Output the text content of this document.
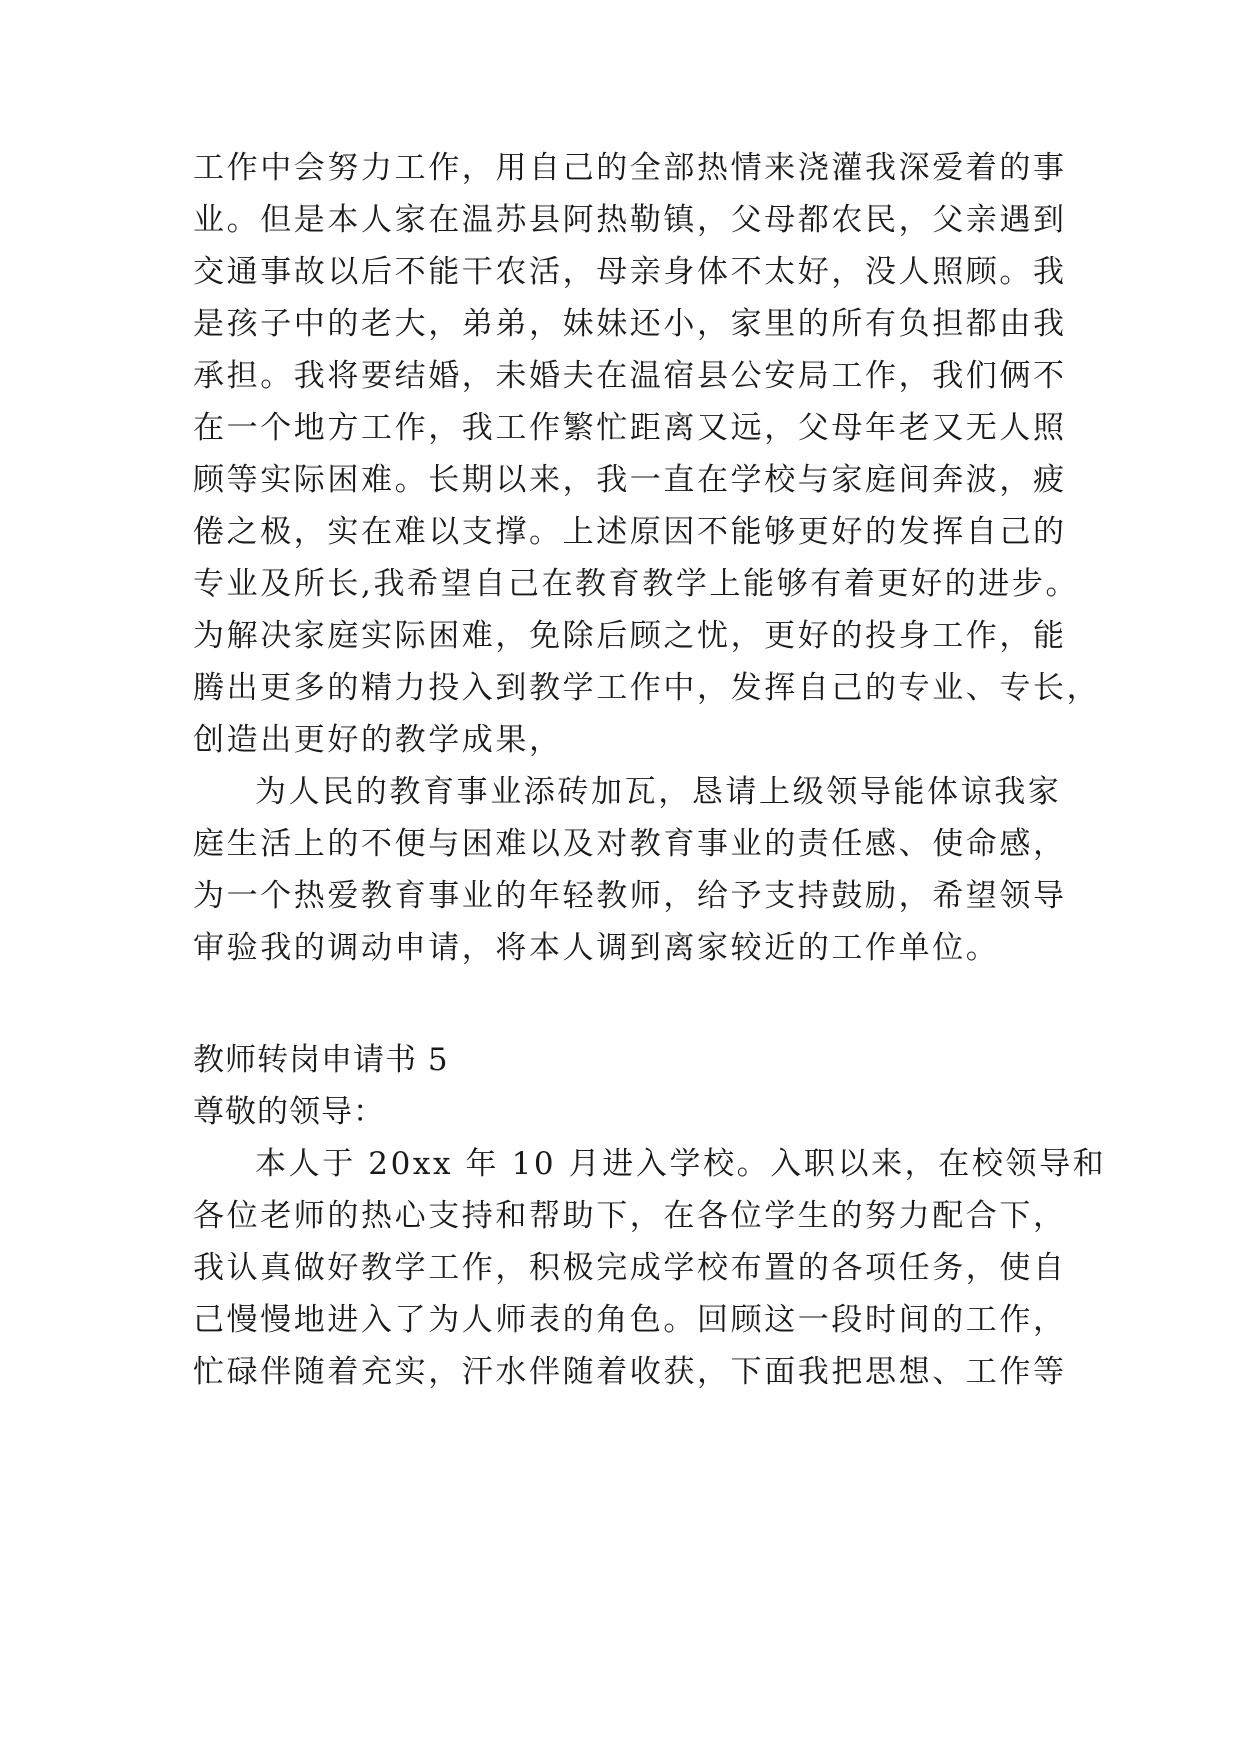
工作中会努力工作，用自己的全部热情来浇灌我深爱着的事
业。但是本人家在温苏县阿热勒镇，父母都农民，父亲遇到
交通事故以后不能干农活，母亲身体不太好，没人照顾。我
是孩子中的老大，弟弟，妹妹还小，家里的所有负担都由我
承担。我将要结婚，未婚夫在温宿县公安局工作，我们俩不
在一个地方工作，我工作繁忙距离又远，父母年老又无人照
顾等实际困难。长期以来，我一直在学校与家庭间奔波，疲
倦之极，实在难以支撑。上述原因不能够更好的发挥自己的
专业及所长,我希望自己在教育教学上能够有着更好的进步。
为解决家庭实际困难，免除后顾之忧，更好的投身工作，能
腾出更多的精力投入到教学工作中，发挥自己的专业、专长，
创造出更好的教学成果，
为人民的教育事业添砖加瓦，恳请上级领导能体谅我家
庭生活上的不便与困难以及对教育事业的责任感、使命感，
为一个热爱教育事业的年轻教师，给予支持鼓励，希望领导
审验我的调动申请，将本人调到离家较近的工作单位。
教师转岗申请书 5
尊敬的领导：
本人于 20xx 年 10 月进入学校。入职以来，在校领导和
各位老师的热心支持和帮助下，在各位学生的努力配合下，
我认真做好教学工作，积极完成学校布置的各项任务，使自
己慢慢地进入了为人师表的角色。回顾这一段时间的工作，
忙碌伴随着充实，汗水伴随着收获，下面我把思想、工作等
